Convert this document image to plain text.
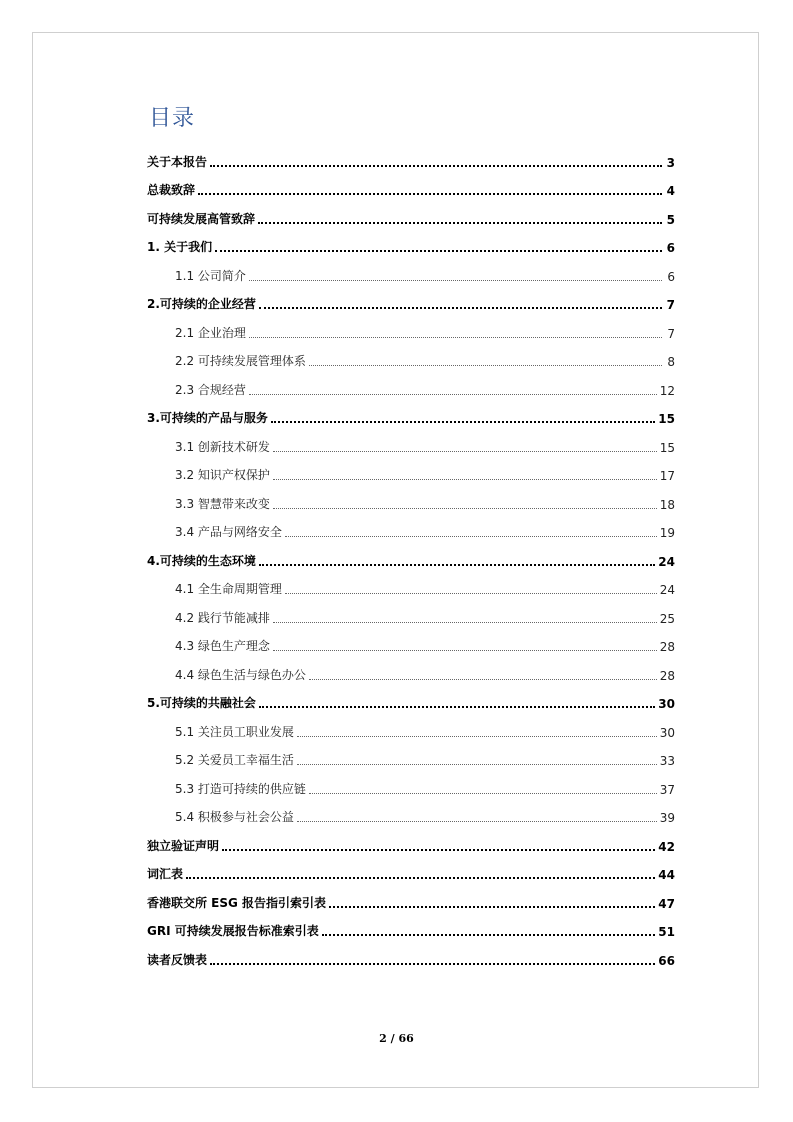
目录
关于本报告	3
总裁致辞	4
可持续发展高管致辞	5
1. 关于我们	6
1.1 公司简介	6
2.可持续的企业经营	7
2.1 企业治理	7
2.2 可持续发展管理体系	8
2.3 合规经营	12
3.可持续的产品与服务	15
3.1 创新技术研发	15
3.2 知识产权保护	17
3.3 智慧带来改变	18
3.4 产品与网络安全	19
4.可持续的生态环境	24
4.1 全生命周期管理	24
4.2 践行节能减排	25
4.3 绿色生产理念	28
4.4 绿色生活与绿色办公	28
5.可持续的共融社会	30
5.1 关注员工职业发展	30
5.2 关爱员工幸福生活	33
5.3 打造可持续的供应链	37
5.4 积极参与社会公益	39
独立验证声明	42
词汇表	44
香港联交所 ESG 报告指引索引表	47
GRI 可持续发展报告标准索引表	51
读者反馈表	66
2 / 66
